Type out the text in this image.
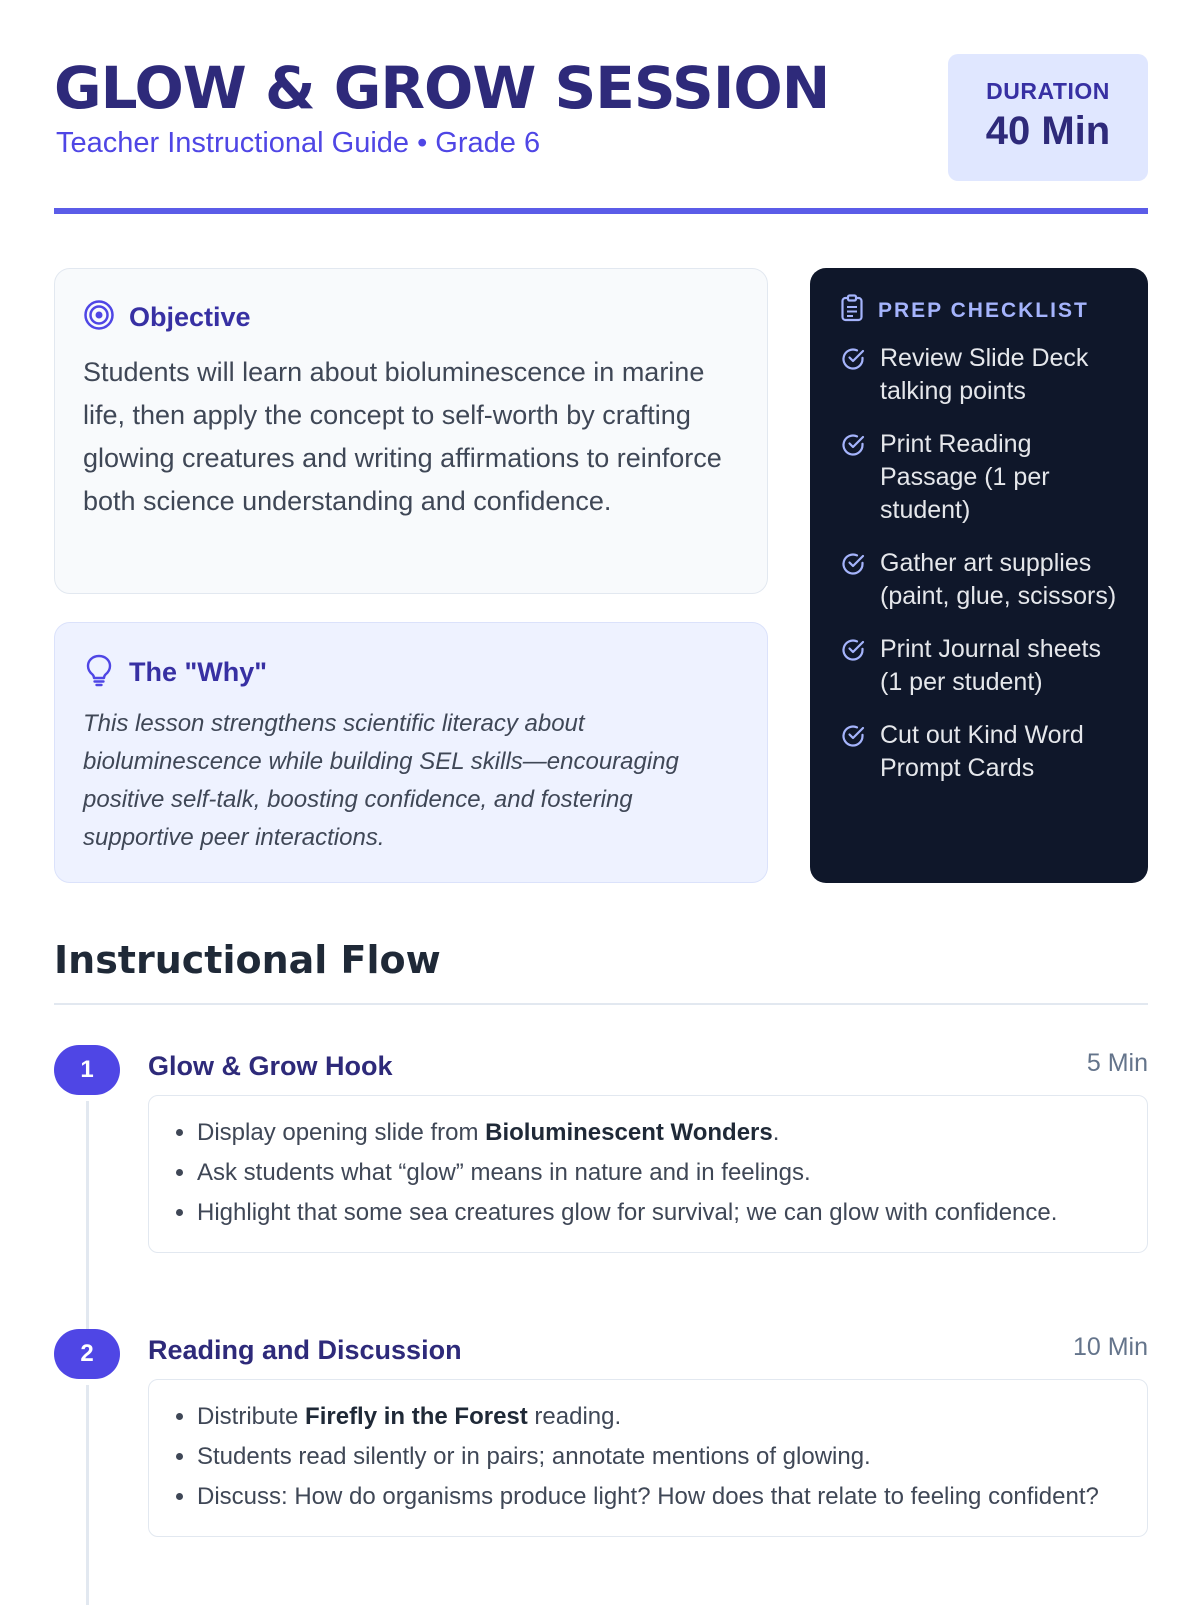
GLOW & GROW SESSION
Teacher Instructional Guide • Grade 6
DURATION
40 Min
Objective
Students will learn about bioluminescence in marine life, then apply the concept to self-worth by crafting glowing creatures and writing affirmations to reinforce both science understanding and confidence.
The "Why"
This lesson strengthens scientific literacy about bioluminescence while building SEL skills—encouraging positive self-talk, boosting confidence, and fostering supportive peer interactions.
PREP CHECKLIST
Review Slide Deck talking points
Print Reading Passage (1 per student)
Gather art supplies (paint, glue, scissors)
Print Journal sheets (1 per student)
Cut out Kind Word Prompt Cards
Instructional Flow
1	Glow & Grow Hook	5 Min
• Display opening slide from Bioluminescent Wonders.
• Ask students what “glow” means in nature and in feelings.
• Highlight that some sea creatures glow for survival; we can glow with confidence.
2	Reading and Discussion	10 Min
• Distribute Firefly in the Forest reading.
• Students read silently or in pairs; annotate mentions of glowing.
• Discuss: How do organisms produce light? How does that relate to feeling confident?
